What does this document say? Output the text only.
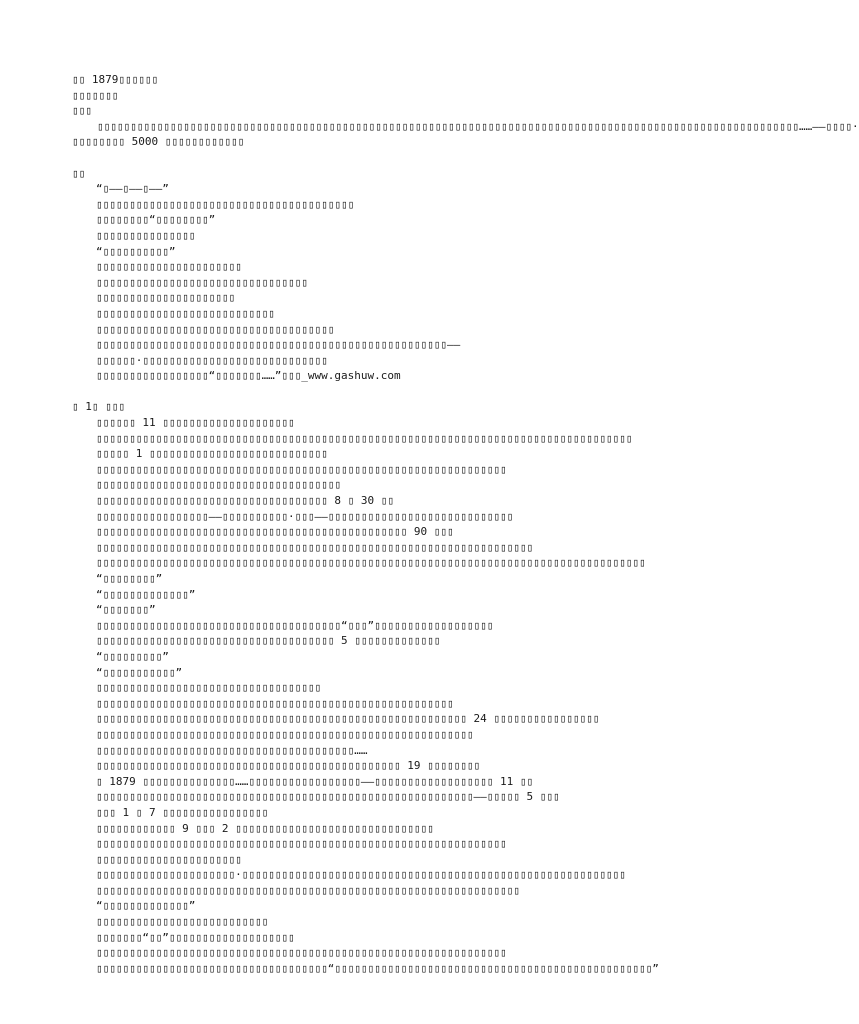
▯▯ 1879▯▯▯▯▯▯
▯▯▯▯▯▯▯
▯▯▯
▯▯▯▯▯▯▯▯▯▯▯▯▯▯▯▯▯▯▯▯▯▯▯▯▯▯▯▯▯▯▯▯▯▯▯▯▯▯▯▯▯▯▯▯▯▯▯▯▯▯▯▯▯▯▯▯▯▯▯▯▯▯▯▯▯▯▯▯▯▯▯▯▯▯▯▯▯▯▯▯▯▯▯▯▯▯▯▯▯▯▯▯▯▯▯▯▯▯▯▯▯▯▯▯▯▯……——▯▯▯▯·
▯▯▯▯▯▯▯▯ 5000 ▯▯▯▯▯▯▯▯▯▯▯▯
▯▯
“▯——▯——▯——”
▯▯▯▯▯▯▯▯▯▯▯▯▯▯▯▯▯▯▯▯▯▯▯▯▯▯▯▯▯▯▯▯▯▯▯▯▯▯▯
▯▯▯▯▯▯▯▯“▯▯▯▯▯▯▯▯”
▯▯▯▯▯▯▯▯▯▯▯▯▯▯▯
“▯▯▯▯▯▯▯▯▯▯”
▯▯▯▯▯▯▯▯▯▯▯▯▯▯▯▯▯▯▯▯▯▯
▯▯▯▯▯▯▯▯▯▯▯▯▯▯▯▯▯▯▯▯▯▯▯▯▯▯▯▯▯▯▯▯
▯▯▯▯▯▯▯▯▯▯▯▯▯▯▯▯▯▯▯▯▯
▯▯▯▯▯▯▯▯▯▯▯▯▯▯▯▯▯▯▯▯▯▯▯▯▯▯▯
▯▯▯▯▯▯▯▯▯▯▯▯▯▯▯▯▯▯▯▯▯▯▯▯▯▯▯▯▯▯▯▯▯▯▯▯
▯▯▯▯▯▯▯▯▯▯▯▯▯▯▯▯▯▯▯▯▯▯▯▯▯▯▯▯▯▯▯▯▯▯▯▯▯▯▯▯▯▯▯▯▯▯▯▯▯▯▯▯▯——
▯▯▯▯▯▯·▯▯▯▯▯▯▯▯▯▯▯▯▯▯▯▯▯▯▯▯▯▯▯▯▯▯▯▯
▯▯▯▯▯▯▯▯▯▯▯▯▯▯▯▯▯“▯▯▯▯▯▯▯……”▯▯▯_www.gashuw.com
▯ 1▯ ▯▯▯
▯▯▯▯▯▯ 11 ▯▯▯▯▯▯▯▯▯▯▯▯▯▯▯▯▯▯▯▯
▯▯▯▯▯▯▯▯▯▯▯▯▯▯▯▯▯▯▯▯▯▯▯▯▯▯▯▯▯▯▯▯▯▯▯▯▯▯▯▯▯▯▯▯▯▯▯▯▯▯▯▯▯▯▯▯▯▯▯▯▯▯▯▯▯▯▯▯▯▯▯▯▯▯▯▯▯▯▯▯▯
▯▯▯▯▯ 1 ▯▯▯▯▯▯▯▯▯▯▯▯▯▯▯▯▯▯▯▯▯▯▯▯▯▯▯
▯▯▯▯▯▯▯▯▯▯▯▯▯▯▯▯▯▯▯▯▯▯▯▯▯▯▯▯▯▯▯▯▯▯▯▯▯▯▯▯▯▯▯▯▯▯▯▯▯▯▯▯▯▯▯▯▯▯▯▯▯▯
▯▯▯▯▯▯▯▯▯▯▯▯▯▯▯▯▯▯▯▯▯▯▯▯▯▯▯▯▯▯▯▯▯▯▯▯▯
▯▯▯▯▯▯▯▯▯▯▯▯▯▯▯▯▯▯▯▯▯▯▯▯▯▯▯▯▯▯▯▯▯▯▯ 8 ▯ 30 ▯▯
▯▯▯▯▯▯▯▯▯▯▯▯▯▯▯▯▯——▯▯▯▯▯▯▯▯▯▯·▯▯▯——▯▯▯▯▯▯▯▯▯▯▯▯▯▯▯▯▯▯▯▯▯▯▯▯▯▯▯▯
▯▯▯▯▯▯▯▯▯▯▯▯▯▯▯▯▯▯▯▯▯▯▯▯▯▯▯▯▯▯▯▯▯▯▯▯▯▯▯▯▯▯▯▯▯▯▯ 90 ▯▯▯
▯▯▯▯▯▯▯▯▯▯▯▯▯▯▯▯▯▯▯▯▯▯▯▯▯▯▯▯▯▯▯▯▯▯▯▯▯▯▯▯▯▯▯▯▯▯▯▯▯▯▯▯▯▯▯▯▯▯▯▯▯▯▯▯▯▯
▯▯▯▯▯▯▯▯▯▯▯▯▯▯▯▯▯▯▯▯▯▯▯▯▯▯▯▯▯▯▯▯▯▯▯▯▯▯▯▯▯▯▯▯▯▯▯▯▯▯▯▯▯▯▯▯▯▯▯▯▯▯▯▯▯▯▯▯▯▯▯▯▯▯▯▯▯▯▯▯▯▯▯
“▯▯▯▯▯▯▯▯”
“▯▯▯▯▯▯▯▯▯▯▯▯▯”
“▯▯▯▯▯▯▯”
▯▯▯▯▯▯▯▯▯▯▯▯▯▯▯▯▯▯▯▯▯▯▯▯▯▯▯▯▯▯▯▯▯▯▯▯▯“▯▯▯”▯▯▯▯▯▯▯▯▯▯▯▯▯▯▯▯▯▯
▯▯▯▯▯▯▯▯▯▯▯▯▯▯▯▯▯▯▯▯▯▯▯▯▯▯▯▯▯▯▯▯▯▯▯▯ 5 ▯▯▯▯▯▯▯▯▯▯▯▯▯
“▯▯▯▯▯▯▯▯▯”
“▯▯▯▯▯▯▯▯▯▯▯”
▯▯▯▯▯▯▯▯▯▯▯▯▯▯▯▯▯▯▯▯▯▯▯▯▯▯▯▯▯▯▯▯▯▯
▯▯▯▯▯▯▯▯▯▯▯▯▯▯▯▯▯▯▯▯▯▯▯▯▯▯▯▯▯▯▯▯▯▯▯▯▯▯▯▯▯▯▯▯▯▯▯▯▯▯▯▯▯▯
▯▯▯▯▯▯▯▯▯▯▯▯▯▯▯▯▯▯▯▯▯▯▯▯▯▯▯▯▯▯▯▯▯▯▯▯▯▯▯▯▯▯▯▯▯▯▯▯▯▯▯▯▯▯▯▯ 24 ▯▯▯▯▯▯▯▯▯▯▯▯▯▯▯▯
▯▯▯▯▯▯▯▯▯▯▯▯▯▯▯▯▯▯▯▯▯▯▯▯▯▯▯▯▯▯▯▯▯▯▯▯▯▯▯▯▯▯▯▯▯▯▯▯▯▯▯▯▯▯▯▯▯
▯▯▯▯▯▯▯▯▯▯▯▯▯▯▯▯▯▯▯▯▯▯▯▯▯▯▯▯▯▯▯▯▯▯▯▯▯▯▯……
▯▯▯▯▯▯▯▯▯▯▯▯▯▯▯▯▯▯▯▯▯▯▯▯▯▯▯▯▯▯▯▯▯▯▯▯▯▯▯▯▯▯▯▯▯▯ 19 ▯▯▯▯▯▯▯▯
▯ 1879 ▯▯▯▯▯▯▯▯▯▯▯▯▯▯……▯▯▯▯▯▯▯▯▯▯▯▯▯▯▯▯▯——▯▯▯▯▯▯▯▯▯▯▯▯▯▯▯▯▯▯ 11 ▯▯
▯▯▯▯▯▯▯▯▯▯▯▯▯▯▯▯▯▯▯▯▯▯▯▯▯▯▯▯▯▯▯▯▯▯▯▯▯▯▯▯▯▯▯▯▯▯▯▯▯▯▯▯▯▯▯▯▯——▯▯▯▯▯ 5 ▯▯▯
▯▯▯ 1 ▯ 7 ▯▯▯▯▯▯▯▯▯▯▯▯▯▯▯▯
▯▯▯▯▯▯▯▯▯▯▯▯ 9 ▯▯▯ 2 ▯▯▯▯▯▯▯▯▯▯▯▯▯▯▯▯▯▯▯▯▯▯▯▯▯▯▯▯▯▯
▯▯▯▯▯▯▯▯▯▯▯▯▯▯▯▯▯▯▯▯▯▯▯▯▯▯▯▯▯▯▯▯▯▯▯▯▯▯▯▯▯▯▯▯▯▯▯▯▯▯▯▯▯▯▯▯▯▯▯▯▯▯
▯▯▯▯▯▯▯▯▯▯▯▯▯▯▯▯▯▯▯▯▯▯
▯▯▯▯▯▯▯▯▯▯▯▯▯▯▯▯▯▯▯▯▯·▯▯▯▯▯▯▯▯▯▯▯▯▯▯▯▯▯▯▯▯▯▯▯▯▯▯▯▯▯▯▯▯▯▯▯▯▯▯▯▯▯▯▯▯▯▯▯▯▯▯▯▯▯▯▯▯▯▯
▯▯▯▯▯▯▯▯▯▯▯▯▯▯▯▯▯▯▯▯▯▯▯▯▯▯▯▯▯▯▯▯▯▯▯▯▯▯▯▯▯▯▯▯▯▯▯▯▯▯▯▯▯▯▯▯▯▯▯▯▯▯▯▯
“▯▯▯▯▯▯▯▯▯▯▯▯▯”
▯▯▯▯▯▯▯▯▯▯▯▯▯▯▯▯▯▯▯▯▯▯▯▯▯▯
▯▯▯▯▯▯▯“▯▯”▯▯▯▯▯▯▯▯▯▯▯▯▯▯▯▯▯▯▯
▯▯▯▯▯▯▯▯▯▯▯▯▯▯▯▯▯▯▯▯▯▯▯▯▯▯▯▯▯▯▯▯▯▯▯▯▯▯▯▯▯▯▯▯▯▯▯▯▯▯▯▯▯▯▯▯▯▯▯▯▯▯
▯▯▯▯▯▯▯▯▯▯▯▯▯▯▯▯▯▯▯▯▯▯▯▯▯▯▯▯▯▯▯▯▯▯▯“▯▯▯▯▯▯▯▯▯▯▯▯▯▯▯▯▯▯▯▯▯▯▯▯▯▯▯▯▯▯▯▯▯▯▯▯▯▯▯▯▯▯▯▯▯▯▯▯”
